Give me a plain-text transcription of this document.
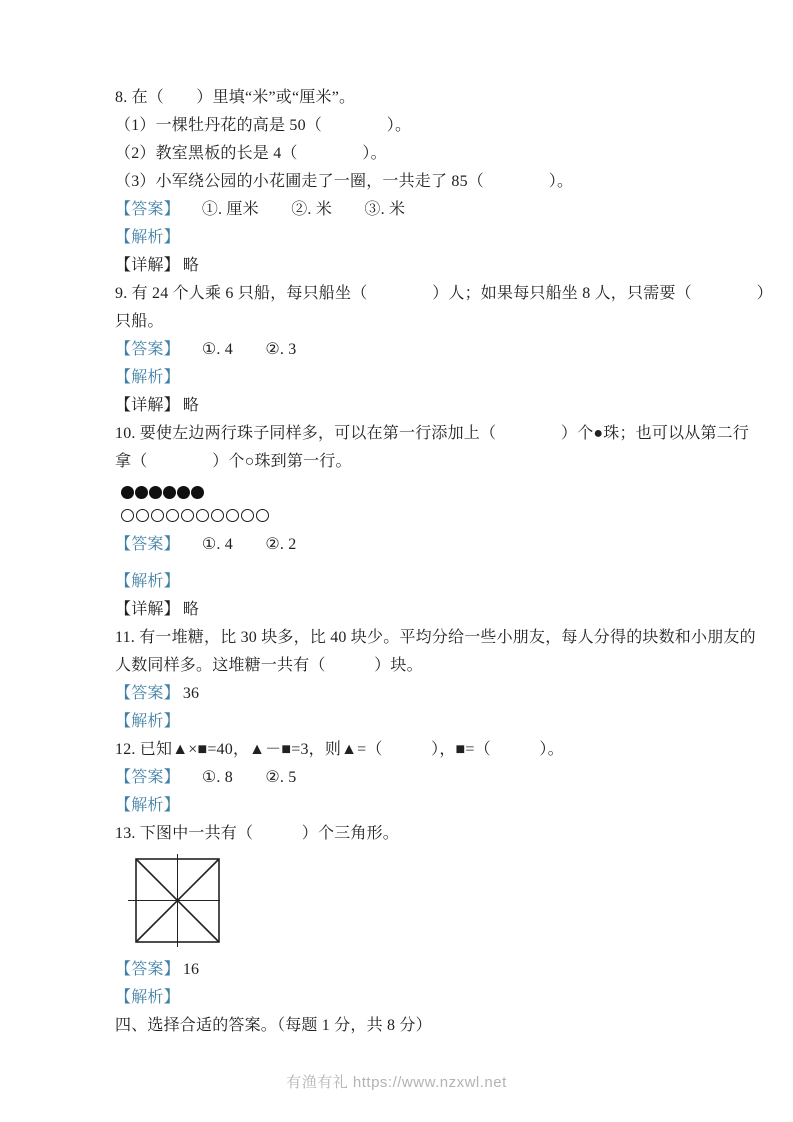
8. 在（　　）里填“米”或“厘米”。
（1）一棵牡丹花的高是 50（　　　　）。
（2）教室黑板的长是 4（　　　　）。
（3）小军绕公园的小花圃走了一圈，一共走了 85（　　　　）。
【答案】 ①. 厘米　　②. 米　　③. 米
【解析】
【详解】 略
9. 有 24 个人乘 6 只船，每只船坐（　　　　）人；如果每只船坐 8 人，只需要（　　　　）
只船。
【答案】 ①. 4　　②. 3
【解析】
【详解】 略
10. 要使左边两行珠子同样多，可以在第一行添加上（　　　　）个●珠；也可以从第二行
拿（　　　　）个○珠到第一行。
【答案】 ①. 4　　②. 2
【解析】
【详解】 略
11. 有一堆糖，比 30 块多，比 40 块少。平均分给一些小朋友，每人分得的块数和小朋友的
人数同样多。这堆糖一共有（　　　）块。
【答案】 36
【解析】
12. 已知▲×■=40，▲－■=3，则▲=（　　　），■=（　　　）。
【答案】 ①. 8　　②. 5
【解析】
13. 下图中一共有（　　　）个三角形。
【答案】 16
【解析】
四、选择合适的答案。（每题 1 分，共 8 分）
有渔有礼 https://www.nzxwl.net
